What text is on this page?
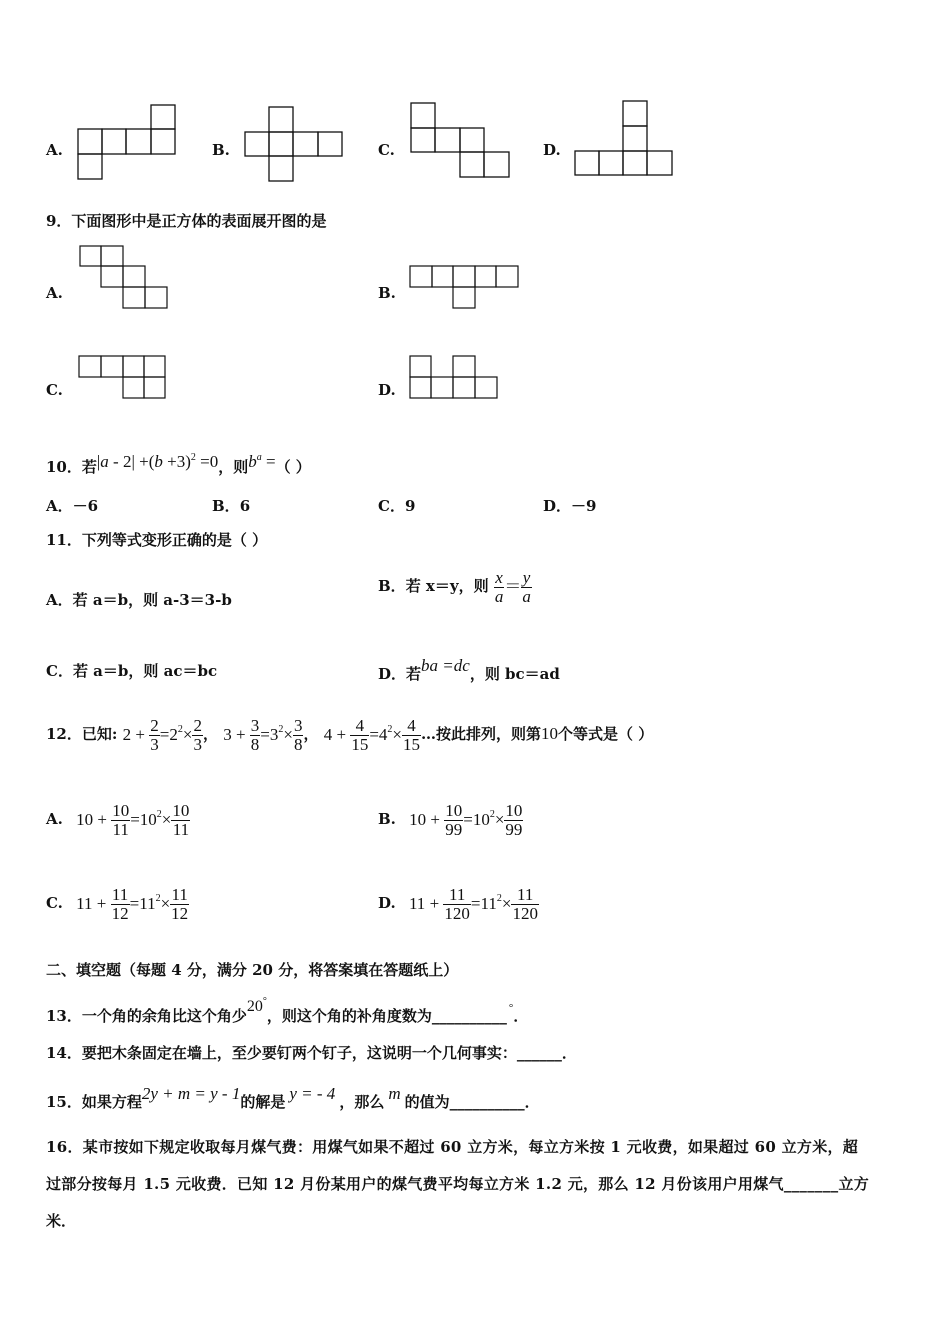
A.	B.	C.	D.
9．下面图形中是正方体的表面展开图的是
A.	B.
C.	D.
10．若$|a - 2| +(b +3)^2 =0$，则$b^a$ =（ ）
A．－6	B．6	C．9	D．－9
11．下列等式变形正确的是（ ）
A．若 a＝b，则 a-3＝3-b
B．若 x＝y，则 $\frac{x}{a} = \frac{y}{a}$
C．若 a＝b，则 ac＝bc	D．若ba =dc，则 bc＝ad
12．已知: $2 + \frac{2}{3} =2^2\times \frac{2}{3}$ ， $3 + \frac{3}{8} =3^2\times \frac{3}{8}$ ， $4 + \frac{4}{15} =4^2\times \frac{4}{15}$ …按此排列，则第10个等式是（ ）
A. $10 + \frac{10}{11} =10^2\times \frac{10}{11}$	B. $10 + \frac{10}{99} =10^2\times \frac{10}{99}$
C. $11 + \frac{11}{12} =11^2\times \frac{11}{12}$	D. $11 + \frac{11}{120} =11^2\times \frac{11}{120}$
二、填空题（每题 4 分，满分 20 分，将答案填在答题纸上）
13．一个角的余角比这个角少20°，则这个角的补角度数为__________ °．
14．要把木条固定在墙上，至少要钉两个钉子，这说明一个几何事实：______．
15．如果方程2y + m = y - 1的解是 y = - 4 ，那么 m 的值为__________．
16．某市按如下规定收取每月煤气费：用煤气如果不超过 60 立方米，每立方米按 1 元收费，如果超过 60 立方米，超
过部分按每月 1.5 元收费．已知 12 月份某用户的煤气费平均每立方米 1.2 元，那么 12 月份该用户用煤气_______立方
米．
